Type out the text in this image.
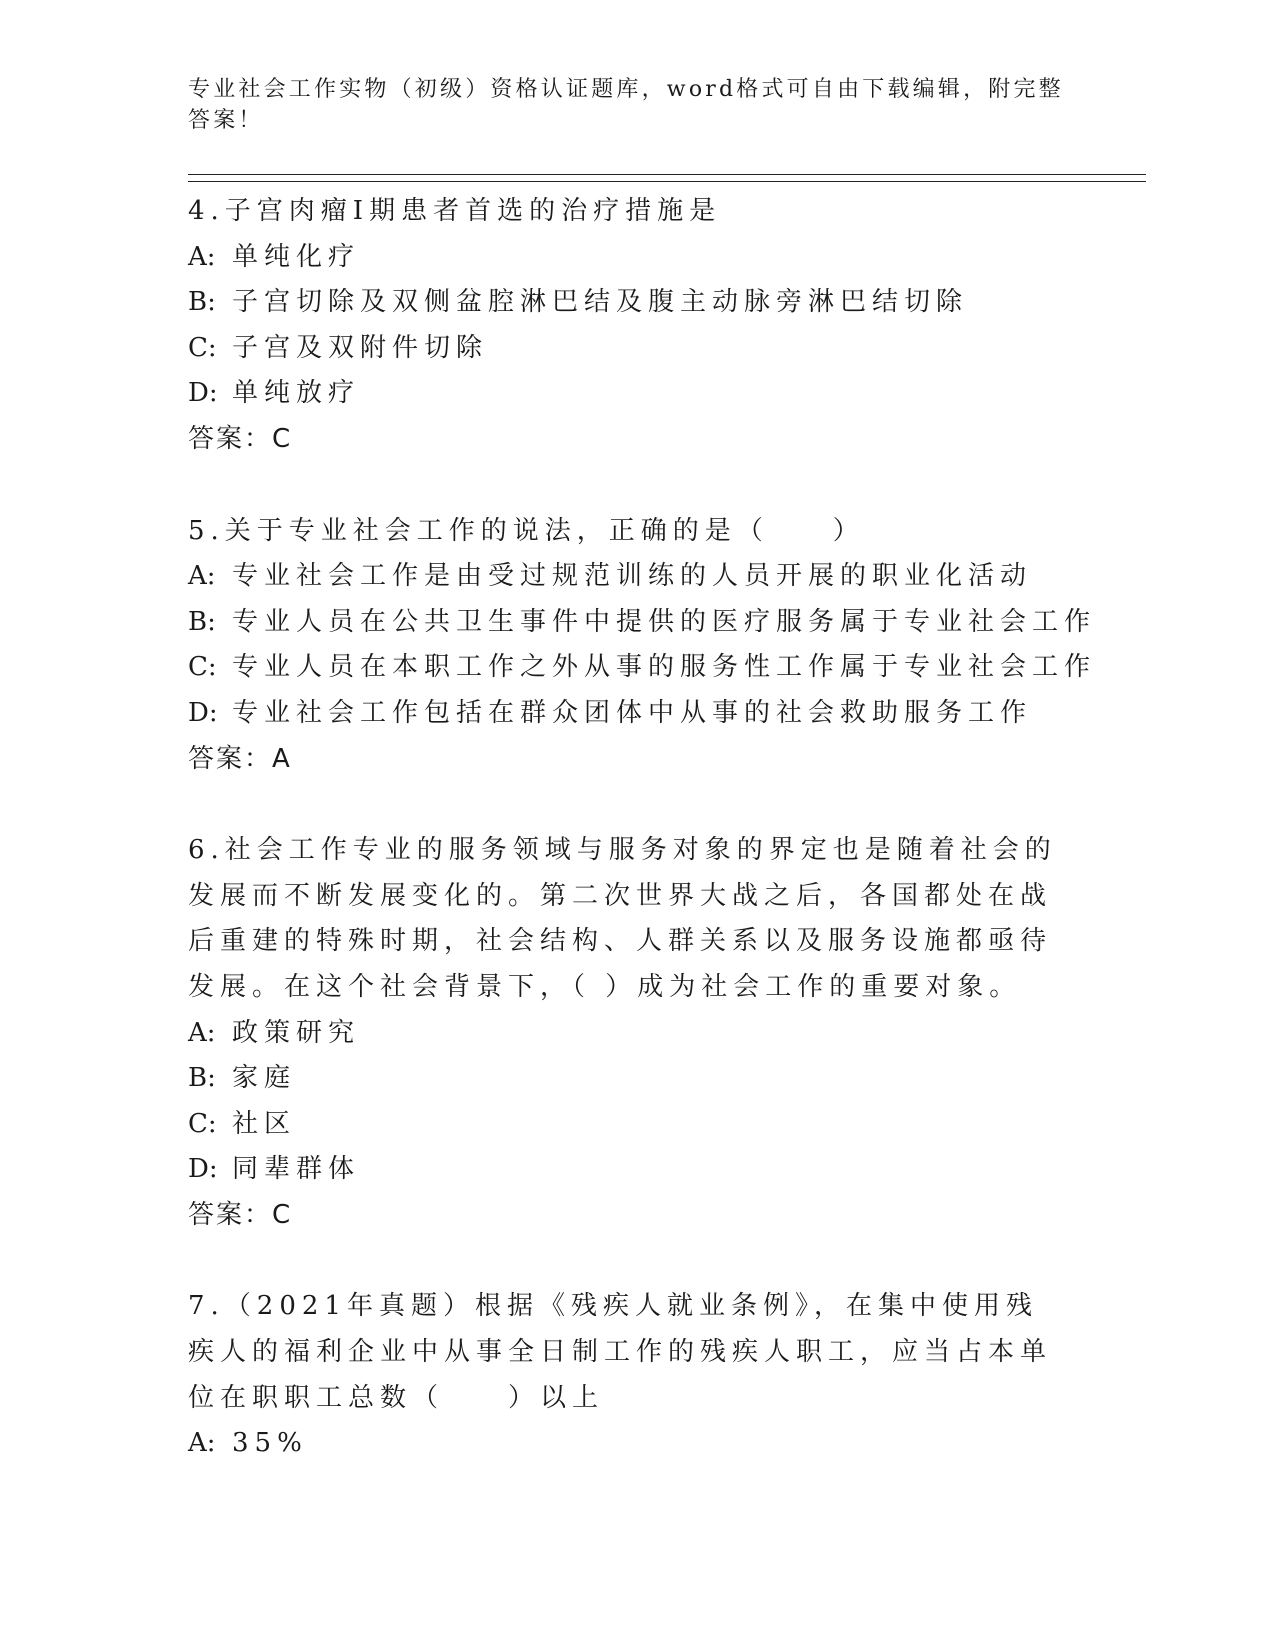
专业社会工作实物（初级）资格认证题库，word格式可自由下载编辑，附完整答案！

4.子宫肉瘤Ⅰ期患者首选的治疗措施是

A: 单纯化疗

B: 子宫切除及双侧盆腔淋巴结及腹主动脉旁淋巴结切除

C: 子宫及双附件切除

D: 单纯放疗

答案：C

5.关于专业社会工作的说法，正确的是（　　）

A: 专业社会工作是由受过规范训练的人员开展的职业化活动

B: 专业人员在公共卫生事件中提供的医疗服务属于专业社会工作

C: 专业人员在本职工作之外从事的服务性工作属于专业社会工作

D: 专业社会工作包括在群众团体中从事的社会救助服务工作

答案：A

6.社会工作专业的服务领域与服务对象的界定也是随着社会的发展而不断发展变化的。第二次世界大战之后，各国都处在战后重建的特殊时期，社会结构、人群关系以及服务设施都亟待发展。在这个社会背景下，（ ）成为社会工作的重要对象。

A: 政策研究

B: 家庭

C: 社区

D: 同辈群体

答案：C

7.（2021年真题）根据《残疾人就业条例》，在集中使用残疾人的福利企业中从事全日制工作的残疾人职工，应当占本单位在职职工总数（　　）以上

A: 35%
